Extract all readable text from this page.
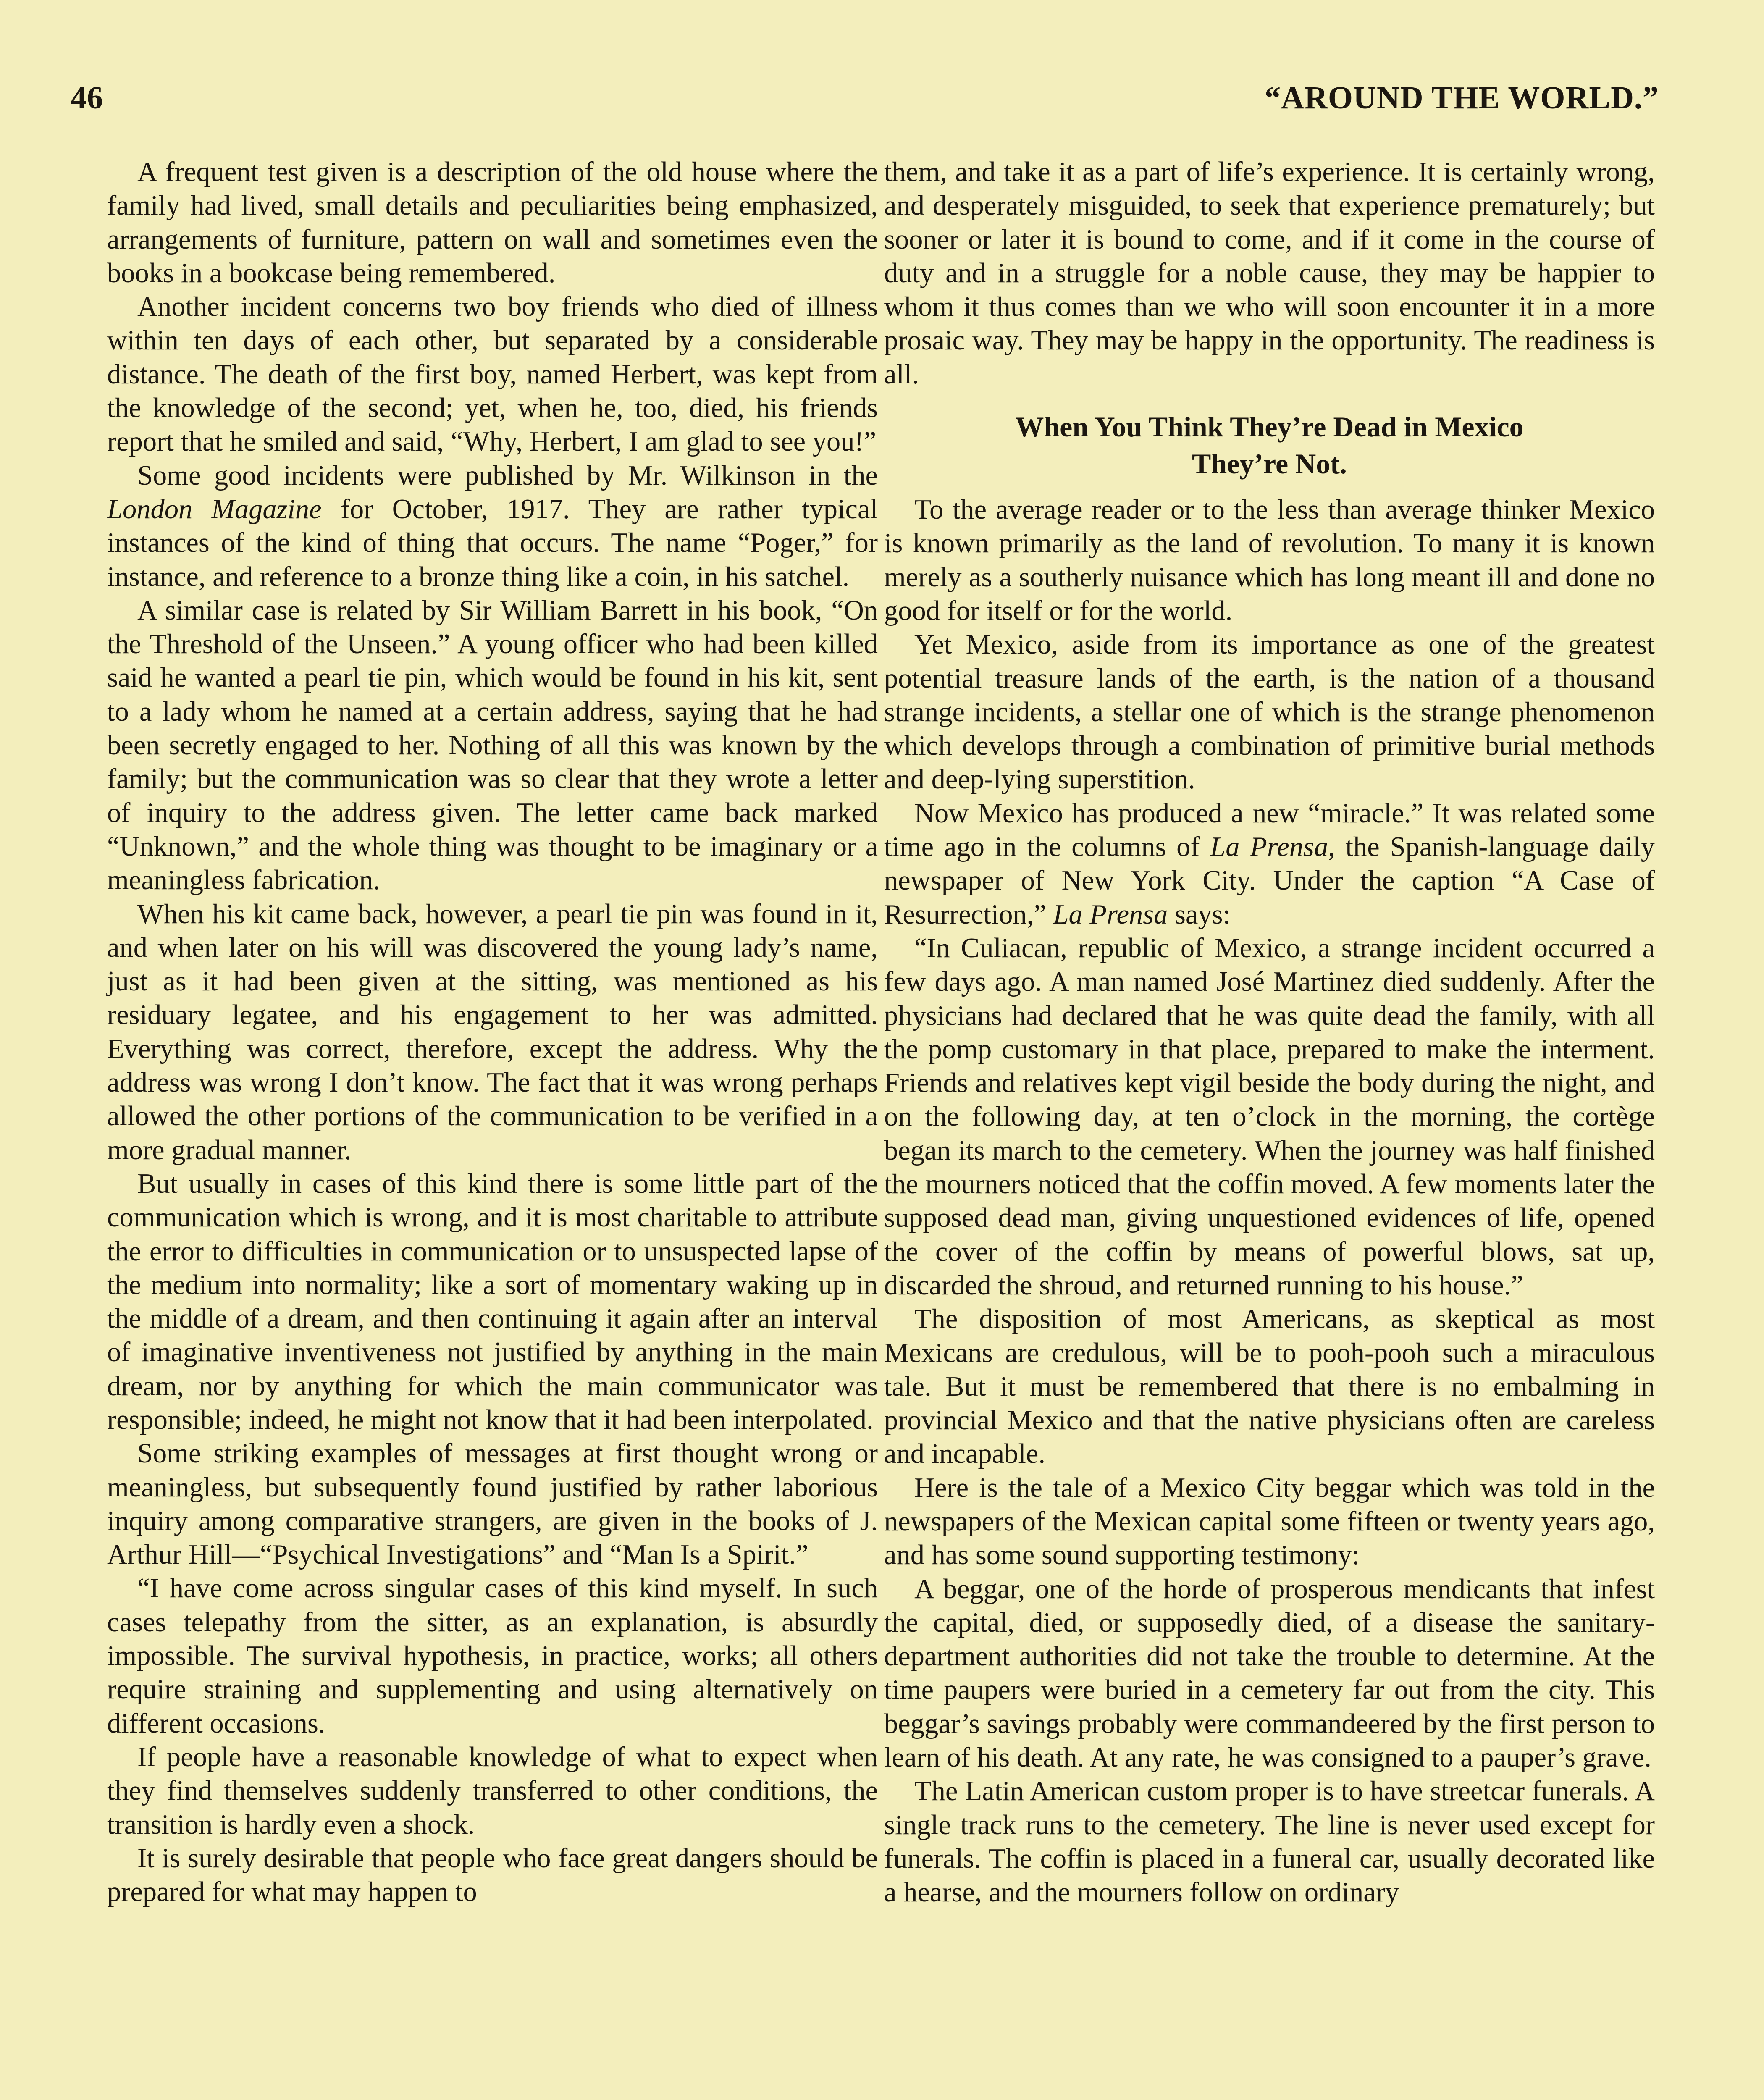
46	“AROUND THE WORLD.”

A frequent test given is a description of the old house where the family had lived, small details and peculiarities being emphasized, arrangements of furniture, pattern on wall and sometimes even the books in a bookcase being remembered.

Another incident concerns two boy friends who died of illness within ten days of each other, but separated by a considerable distance. The death of the first boy, named Herbert, was kept from the knowledge of the second; yet, when he, too, died, his friends report that he smiled and said, “Why, Herbert, I am glad to see you!”

Some good incidents were published by Mr. Wilkinson in the London Magazine for October, 1917. They are rather typical instances of the kind of thing that occurs. The name “Poger,” for instance, and reference to a bronze thing like a coin, in his satchel.

A similar case is related by Sir William Barrett in his book, “On the Threshold of the Unseen.” A young officer who had been killed said he wanted a pearl tie pin, which would be found in his kit, sent to a lady whom he named at a certain address, saying that he had been secretly engaged to her. Nothing of all this was known by the family; but the communication was so clear that they wrote a letter of inquiry to the address given. The letter came back marked “Unknown,” and the whole thing was thought to be imaginary or a meaningless fabrication.

When his kit came back, however, a pearl tie pin was found in it, and when later on his will was discovered the young lady’s name, just as it had been given at the sitting, was mentioned as his residuary legatee, and his engagement to her was admitted. Everything was correct, therefore, except the address. Why the address was wrong I don’t know. The fact that it was wrong perhaps allowed the other portions of the communication to be verified in a more gradual manner.

But usually in cases of this kind there is some little part of the communication which is wrong, and it is most charitable to attribute the error to difficulties in communication or to unsuspected lapse of the medium into normality; like a sort of momentary waking up in the middle of a dream, and then continuing it again after an interval of imaginative inventiveness not justified by anything in the main dream, nor by anything for which the main communicator was responsible; indeed, he might not know that it had been interpolated.

Some striking examples of messages at first thought wrong or meaningless, but subsequently found justified by rather laborious inquiry among comparative strangers, are given in the books of J. Arthur Hill—“Psychical Investigations” and “Man Is a Spirit.”

“I have come across singular cases of this kind myself. In such cases telepathy from the sitter, as an explanation, is absurdly impossible. The survival hypothesis, in practice, works; all others require straining and supplementing and using alternatively on different occasions.

If people have a reasonable knowledge of what to expect when they find themselves suddenly transferred to other conditions, the transition is hardly even a shock.

It is surely desirable that people who face great dangers should be prepared for what may happen to

them, and take it as a part of life’s experience. It is certainly wrong, and desperately misguided, to seek that experience prematurely; but sooner or later it is bound to come, and if it come in the course of duty and in a struggle for a noble cause, they may be happier to whom it thus comes than we who will soon encounter it in a more prosaic way. They may be happy in the opportunity. The readiness is all.

When You Think They’re Dead in Mexico
They’re Not.

To the average reader or to the less than average thinker Mexico is known primarily as the land of revolution. To many it is known merely as a southerly nuisance which has long meant ill and done no good for itself or for the world.

Yet Mexico, aside from its importance as one of the greatest potential treasure lands of the earth, is the nation of a thousand strange incidents, a stellar one of which is the strange phenomenon which develops through a combination of primitive burial methods and deep-lying superstition.

Now Mexico has produced a new “miracle.” It was related some time ago in the columns of La Prensa, the Spanish-language daily newspaper of New York City. Under the caption “A Case of Resurrection,” La Prensa says:

“In Culiacan, republic of Mexico, a strange incident occurred a few days ago. A man named José Martinez died suddenly. After the physicians had declared that he was quite dead the family, with all the pomp customary in that place, prepared to make the interment. Friends and relatives kept vigil beside the body during the night, and on the following day, at ten o’clock in the morning, the cortège began its march to the cemetery. When the journey was half finished the mourners noticed that the coffin moved. A few moments later the supposed dead man, giving unquestioned evidences of life, opened the cover of the coffin by means of powerful blows, sat up, discarded the shroud, and returned running to his house.”

The disposition of most Americans, as skeptical as most Mexicans are credulous, will be to pooh-pooh such a miraculous tale. But it must be remembered that there is no embalming in provincial Mexico and that the native physicians often are careless and incapable.

Here is the tale of a Mexico City beggar which was told in the newspapers of the Mexican capital some fifteen or twenty years ago, and has some sound supporting testimony:

A beggar, one of the horde of prosperous mendicants that infest the capital, died, or supposedly died, of a disease the sanitary-department authorities did not take the trouble to determine. At the time paupers were buried in a cemetery far out from the city. This beggar’s savings probably were commandeered by the first person to learn of his death. At any rate, he was consigned to a pauper’s grave.

The Latin American custom proper is to have streetcar funerals. A single track runs to the cemetery. The line is never used except for funerals. The coffin is placed in a funeral car, usually decorated like a hearse, and the mourners follow on ordinary
